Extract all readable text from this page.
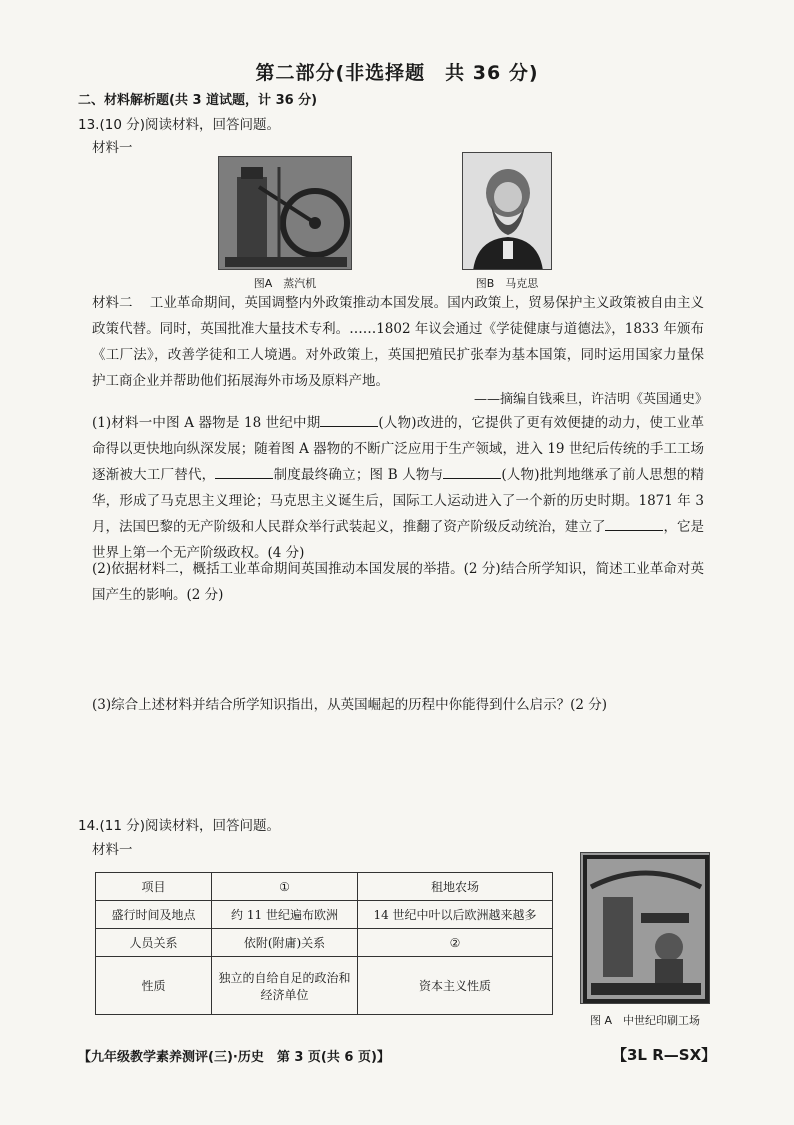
第二部分(非选择题　共 36 分)
二、材料解析题(共 3 道试题，计 36 分)
13.(10 分)阅读材料，回答问题。
材料一
图A　蒸汽机	图B　马克思
材料二 工业革命期间，英国调整内外政策推动本国发展。国内政策上，贸易保护主义政策被自由主义政策代替。同时，英国批准大量技术专利。……1802 年议会通过《学徒健康与道德法》，1833 年颁布《工厂法》，改善学徒和工人境遇。对外政策上，英国把殖民扩张奉为基本国策，同时运用国家力量保护工商企业并帮助他们拓展海外市场及原料产地。
——摘编自钱乘旦，许洁明《英国通史》
(1)材料一中图 A 器物是 18 世纪中期	(人物)改进的，它提供了更有效便捷的动力，使工业革命得以更快地向纵深发展；随着图 A 器物的不断广泛应用于生产领域，进入 19 世纪后传统的手工工场逐渐被大工厂替代，	制度最终确立；图 B 人物与	(人物)批判地继承了前人思想的精华，形成了马克思主义理论；马克思主义诞生后，国际工人运动进入了一个新的历史时期。1871 年 3 月，法国巴黎的无产阶级和人民群众举行武装起义，推翻了资产阶级反动统治，建立了	，它是世界上第一个无产阶级政权。(4 分)
(2)依据材料二，概括工业革命期间英国推动本国发展的举措。(2 分)结合所学知识，简述工业革命对英国产生的影响。(2 分)
(3)综合上述材料并结合所学知识指出，从英国崛起的历程中你能得到什么启示？(2 分)
14.(11 分)阅读材料，回答问题。
材料一
项目	①	租地农场
盛行时间及地点	约 11 世纪遍布欧洲	14 世纪中叶以后欧洲越来越多
人员关系	依附(附庸)关系	②
性质	独立的自给自足的政治和经济单位	资本主义性质
图 A　中世纪印刷工场
【九年级教学素养测评(三)·历史　第 3 页(共 6 页)】	【3L R—SX】
